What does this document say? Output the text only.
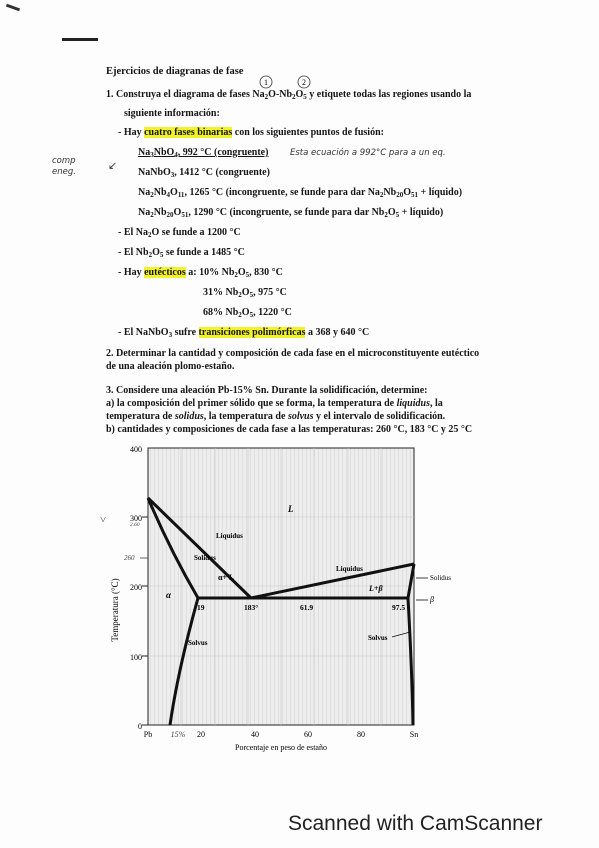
Ejercicios de diagranas de fase
1	2
1. Construya el diagrama de fases $Na_2O-Nb_2O_5$ y etiquete todas las regiones usando la
siguiente información:
- Hay cuatro fases binarias con los siguientes puntos de fusión:
$Na_3NbO_4$, 992 °C (congruente)	Esta ecuación a 992°C para a un eq.
comp eneg.	↙
NaNbO$_3$, 1412 °C (congruente)
$Na_2Nb_4O_{11}$, 1265 °C (incongruente, se funde para dar $Na_2Nb_{20}O_{51}$ + líquido)
$Na_2Nb_{20}O_{51}$, 1290 °C (incongruente, se funde para dar $Nb_2O_5$ + líquido)
- El $Na_2O$ se funde a 1200 °C
- El $Nb_2O_5$ se funde a 1485 °C
- Hay eutécticos a: 10% $Nb_2O_5$, 830 °C
31% $Nb_2O_5$, 975 °C
68% $Nb_2O_5$, 1220 °C
- El NaNbO$_3$ sufre transiciones polimórficas a 368 y 640 °C
2. Determinar la cantidad y composición de cada fase en el microconstituyente eutéctico
de una aleación plomo-estaño.
3. Considere una aleación Pb-15% Sn. Durante la solidificación, determine:
a) la composición del primer sólido que se forma, la temperatura de liquidus, la
temperatura de solidus, la temperatura de solvus y el intervalo de solidificación.
b) cantidades y composiciones de cada fase a las temperaturas: 260 °C, 183 °C y 25 °C
400
300
200
100
0
2.60
260
˅
Temperatura (°C)
Pb	20	40	60	80	Sn
15%
Porcentaje en peso de estaño
L
α
α+ L
L+β
Liquidus
Solidus
Liquidus
Solidus
Solvus
Solvus
β
19	183°	61.9	97.5
Scanned with CamScanner
